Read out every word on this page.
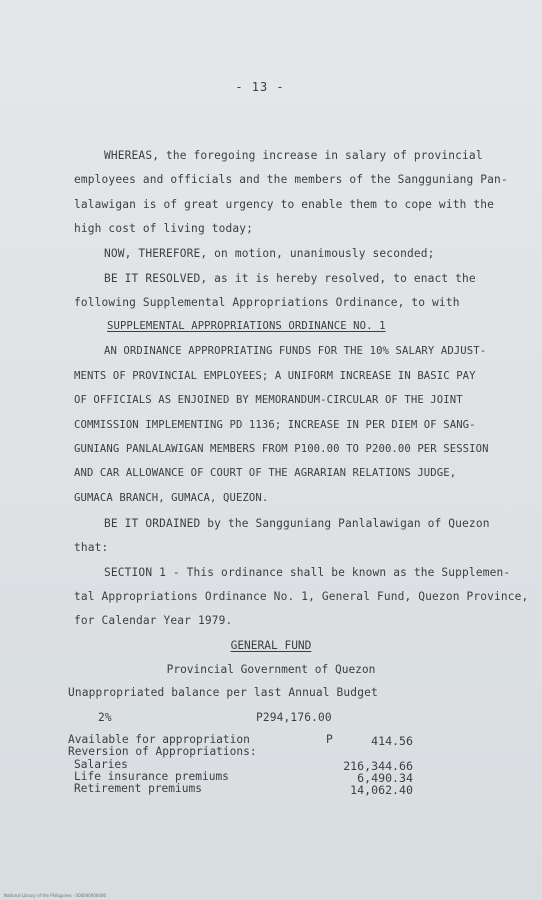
- 13 -
WHEREAS, the foregoing increase in salary of provincial
employees and officials and the members of the Sangguniang Pan-
lalawigan is of great urgency to enable them to cope with the
high cost of living today;
NOW, THEREFORE, on motion, unanimously seconded;
BE IT RESOLVED, as it is hereby resolved, to enact the
following Supplemental Appropriations Ordinance, to with
SUPPLEMENTAL APPROPRIATIONS ORDINANCE NO. 1
AN ORDINANCE APPROPRIATING FUNDS FOR THE 10% SALARY ADJUST-
MENTS OF PROVINCIAL EMPLOYEES; A UNIFORM INCREASE IN BASIC PAY
OF OFFICIALS AS ENJOINED BY MEMORANDUM-CIRCULAR OF THE JOINT
COMMISSION IMPLEMENTING PD 1136; INCREASE IN PER DIEM OF SANG-
GUNIANG PANLALAWIGAN MEMBERS FROM P100.00 TO P200.00 PER SESSION
AND CAR ALLOWANCE OF COURT OF THE AGRARIAN RELATIONS JUDGE,
GUMACA BRANCH, GUMACA, QUEZON.
BE IT ORDAINED by the Sangguniang Panlalawigan of Quezon
that:
SECTION 1 - This ordinance shall be known as the Supplemen-
tal Appropriations Ordinance No. 1, General Fund, Quezon Province,
for Calendar Year 1979.
GENERAL FUND
Provincial Government of Quezon
Unappropriated balance per last Annual Budget
2%	P294,176.00
Available for appropriation	P	414.56
Reversion of Appropriations:
Salaries	216,344.66
Life insurance premiums	6,490.34
Retirement premiums	14,062.40
National Library of the Philippines · 000000000000
